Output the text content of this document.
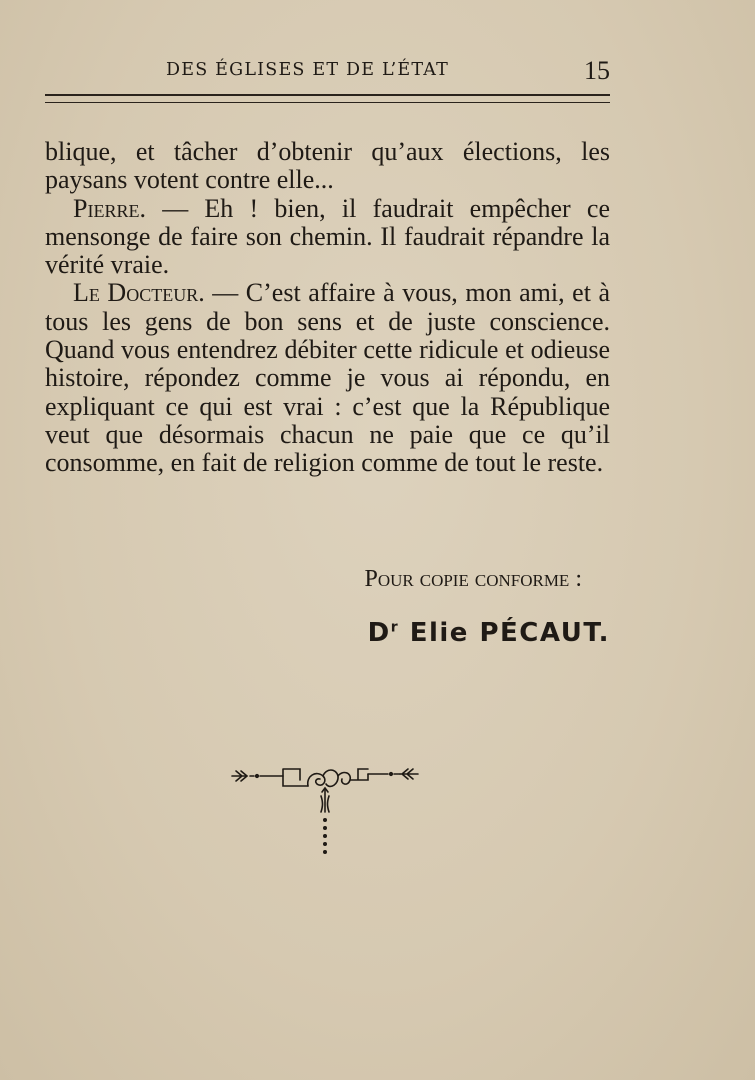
DES ÉGLISES ET DE L’ÉTAT	15

blique, et tâcher d’obtenir qu’aux élections, les paysans votent contre elle...

Pierre. — Eh ! bien, il faudrait empêcher ce mensonge de faire son chemin. Il faudrait répandre la vérité vraie.

Le Docteur. — C’est affaire à vous, mon ami, et à tous les gens de bon sens et de juste conscience. Quand vous entendrez débiter cette ridicule et odieuse histoire, répondez comme je vous ai répondu, en expliquant ce qui est vrai : c’est que la République veut que désormais chacun ne paie que ce qu’il consomme, en fait de religion comme de tout le reste.

Pour copie conforme :
$D^r$ Elie PÉCAUT.
